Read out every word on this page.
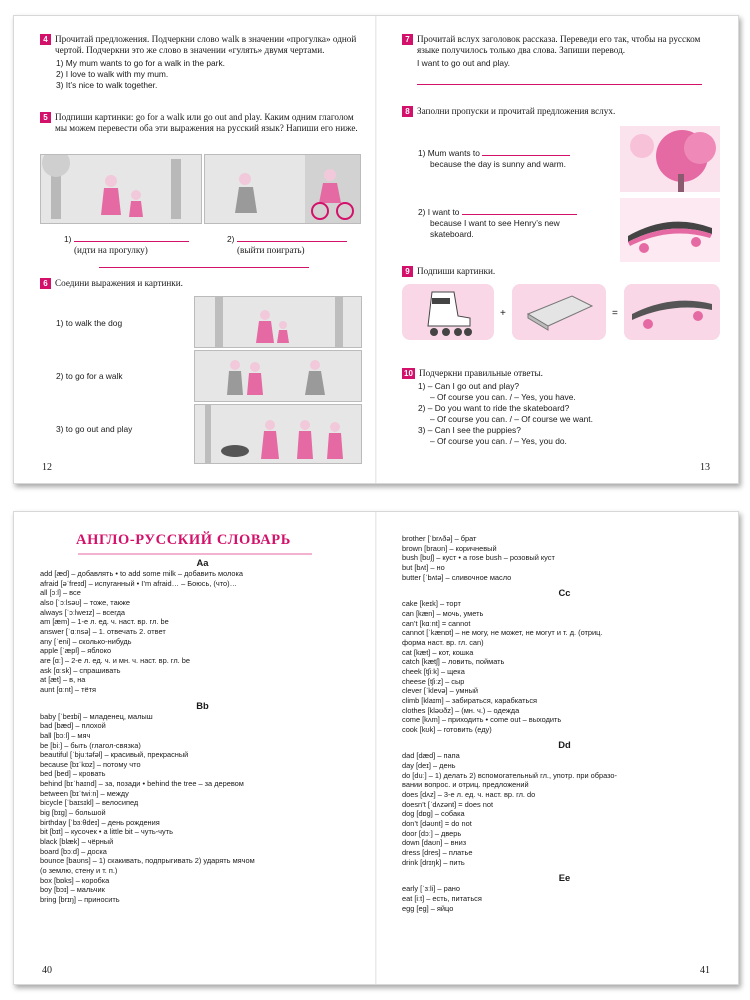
4 Прочитай предложения. Подчеркни слово walk в значении «прогулка» одной чертой. Подчеркни это же слово в значении «гулять» двумя чертами.
1) My mum wants to go for a walk in the park.
2) I love to walk with my mum.
3) It’s nice to walk together.
5 Подпиши картинки: go for a walk или go out and play. Каким одним глаголом мы можем перевести оба эти выражения на русский язык? Напиши его ниже.
1)
(идти на прогулку)
2)
(выйти поиграть)
6 Соедини выражения и картинки.
1) to walk the dog
2) to go for a walk
3) to go out and play
12
7 Прочитай вслух заголовок рассказа. Переведи его так, чтобы на русском языке получилось только два слова. Запиши перевод.
I want to go out and play.
8 Заполни пропуски и прочитай предложения вслух.
1) Mum wants to
because the day is sunny and warm.
2) I want to
because I want to see Henry’s new
skateboard.
9 Подпиши картинки.
+	=
10 Подчеркни правильные ответы.
1) – Can I go out and play?
– Of course you can. / – Yes, you have.
2) – Do you want to ride the skateboard?
– Of course you can. / – Of course we want.
3) – Can I see the puppies?
– Of course you can. / – Yes, you do.
13
АНГЛО-РУССКИЙ СЛОВАРЬ
Aa
add [æd] – добавлять • to add some milk – добавить молока
afraid [əˈfreɪd] – испуганный • I’m afraid… – Боюсь, (что)…
all [ɔːl] – все
also [ˈɔːlsəʊ] – тоже, также
always [ˈɔːlweɪz] – всегда
am [æm] – 1-е л. ед. ч. наст. вр. гл. be
answer [ˈɑːnsə] – 1. отвечать 2. ответ
any [ˈeni] – сколько-нибудь
apple [ˈæpl] – яблоко
are [ɑː] – 2-е л. ед. ч. и мн. ч. наст. вр. гл. be
ask [ɑːsk] – спрашивать
at [æt] – в, на
aunt [ɑːnt] – тётя
Bb
baby [ˈbeɪbi] – младенец, малыш
bad [bæd] – плохой
ball [bɔːl] – мяч
be [biː] – быть (глагол-связка)
beautiful [ˈbjuːtəfəl] – красивый, прекрасный
because [bɪˈkɒz] – потому что
bed [bed] – кровать
behind [bɪˈhaɪnd] – за, позади • behind the tree – за деревом
between [bɪˈtwiːn] – между
bicycle [ˈbaɪsɪkl] – велосипед
big [bɪg] – большой
birthday [ˈbɜːθdeɪ] – день рождения
bit [bɪt] – кусочек • a little bit – чуть-чуть
black [blæk] – чёрный
board [bɔːd] – доска
bounce [baʊns] – 1) скакивать, подпрыгивать 2) ударять мячом
(о землю, стену и т. п.)
box [bɒks] – коробка
boy [bɔɪ] – мальчик
bring [brɪŋ] – приносить
40
brother [ˈbrʌðə] – брат
brown [braʊn] – коричневый
bush [bʊʃ] – куст • a rose bush – розовый куст
but [bʌt] – но
butter [ˈbʌtə] – сливочное масло
Cc
cake [keɪk] – торт
can [kæn] – мочь, уметь
can’t [kɑːnt] = cannot
cannot [ˈkænɒt] – не могу, не может, не могут и т. д. (отриц.
форма наст. вр. гл. can)
cat [kæt] – кот, кошка
catch [kætʃ] – ловить, поймать
cheek [tʃiːk] – щека
cheese [tʃiːz] – сыр
clever [ˈklevə] – умный
climb [klaɪm] – забираться, карабкаться
clothes [kləʊðz] – (мн. ч.) – одежда
come [kʌm] – приходить • come out – выходить
cook [kʊk] – готовить (еду)
Dd
dad [dæd] – папа
day [deɪ] – день
do [duː] – 1) делать 2) вспомогательный гл., употр. при образо-
вании вопрос. и отриц. предложений
does [dʌz] – 3-е л. ед. ч. наст. вр. гл. do
doesn’t [ˈdʌzənt] = does not
dog [dɒg] – собака
don’t [dəʊnt] = do not
door [dɔː] – дверь
down [daʊn] – вниз
dress [dres] – платье
drink [drɪŋk] – пить
Ee
early [ˈɜːli] – рано
eat [iːt] – есть, питаться
egg [eg] – яйцо
41
